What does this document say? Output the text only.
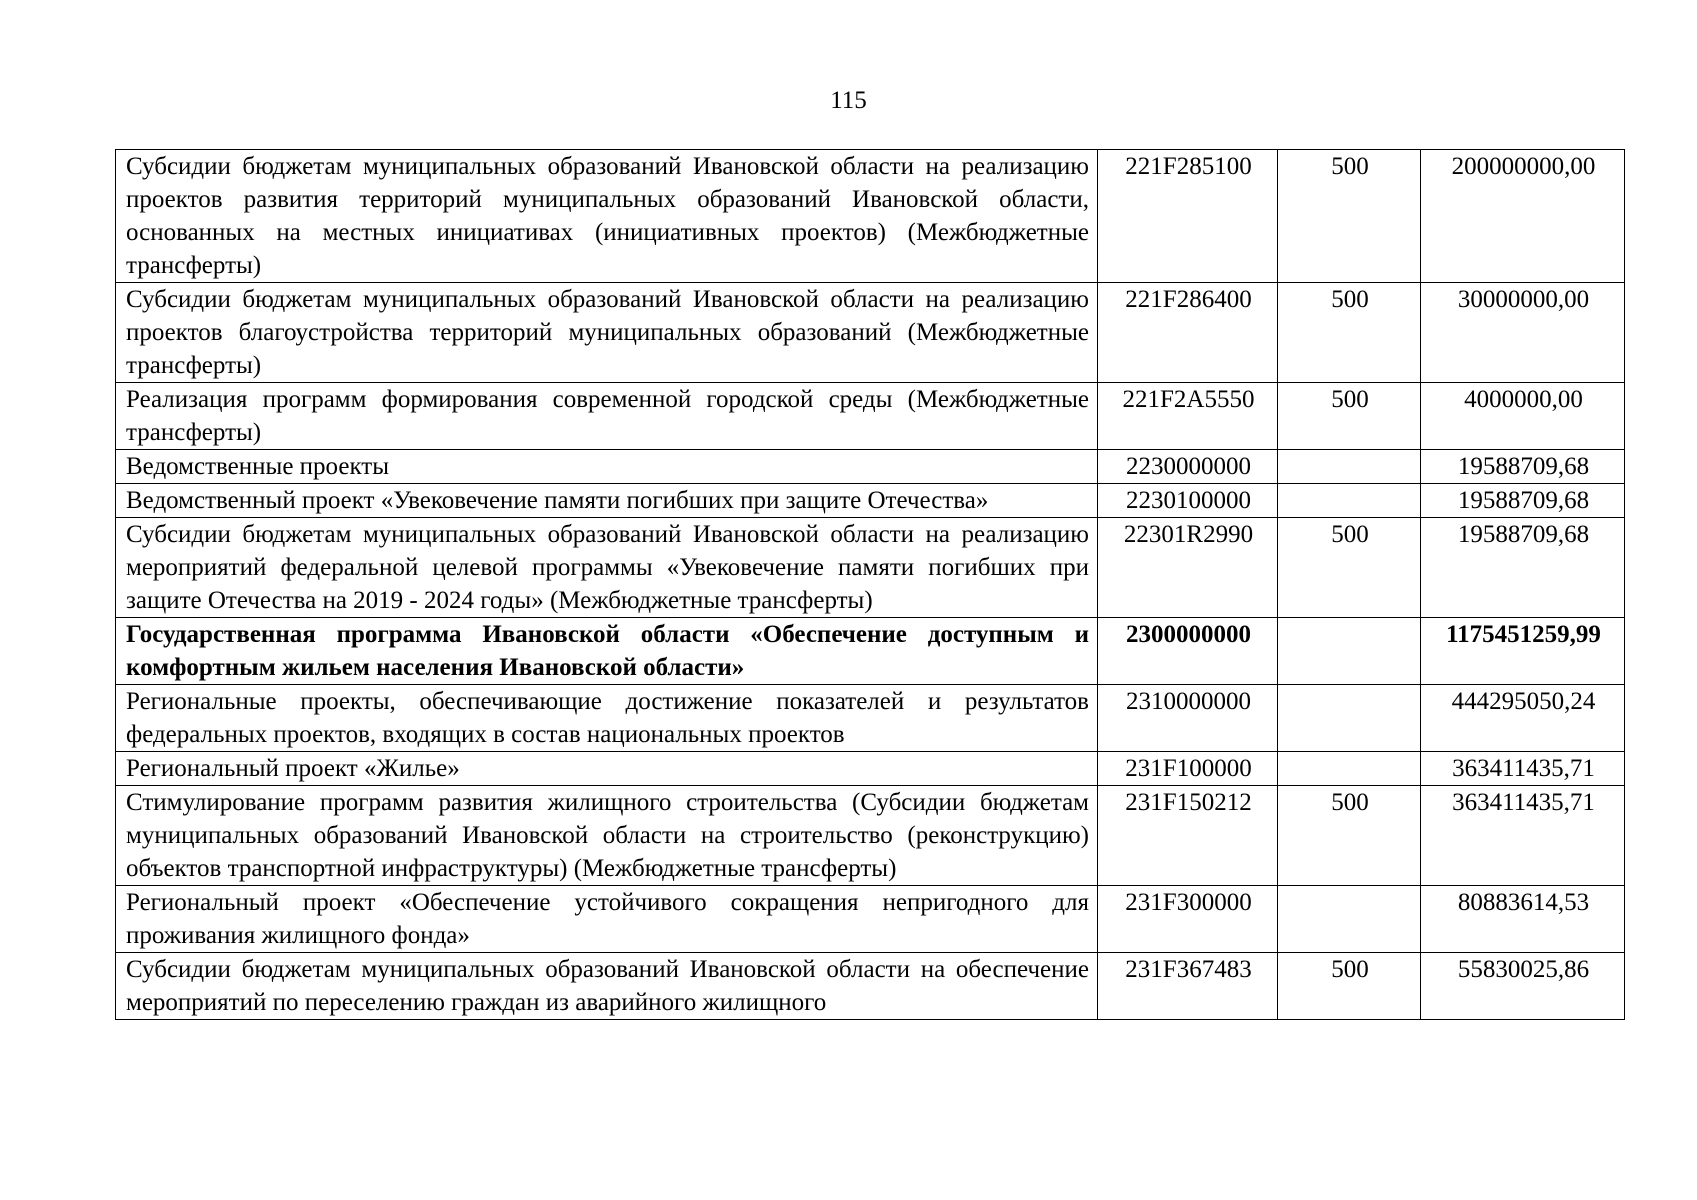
115
Субсидии бюджетам муниципальных образований Ивановской области на реализацию проектов развития территорий муниципальных образований Ивановской области, основанных на местных инициативах (инициативных проектов) (Межбюджетные трансферты)	221F285100	500	200000000,00
Субсидии бюджетам муниципальных образований Ивановской области на реализацию проектов благоустройства территорий муниципальных образований (Межбюджетные трансферты)	221F286400	500	30000000,00
Реализация программ формирования современной городской среды (Межбюджетные трансферты)	221F2A5550	500	4000000,00
Ведомственные проекты	2230000000		19588709,68
Ведомственный проект «Увековечение памяти погибших при защите Отечества»	2230100000		19588709,68
Субсидии бюджетам муниципальных образований Ивановской области на реализацию мероприятий федеральной целевой программы «Увековечение памяти погибших при защите Отечества на 2019 - 2024 годы» (Межбюджетные трансферты)	22301R2990	500	19588709,68
Государственная программа Ивановской области «Обеспечение доступным и комфортным жильем населения Ивановской области»	2300000000		1175451259,99
Региональные проекты, обеспечивающие достижение показателей и результатов федеральных проектов, входящих в состав национальных проектов	2310000000		444295050,24
Региональный проект «Жилье»	231F100000		363411435,71
Стимулирование программ развития жилищного строительства (Субсидии бюджетам муниципальных образований Ивановской области на строительство (реконструкцию) объектов транспортной инфраструктуры) (Межбюджетные трансферты)	231F150212	500	363411435,71
Региональный проект «Обеспечение устойчивого сокращения непригодного для проживания жилищного фонда»	231F300000		80883614,53
Субсидии бюджетам муниципальных образований Ивановской области на обеспечение мероприятий по переселению граждан из аварийного жилищного	231F367483	500	55830025,86
